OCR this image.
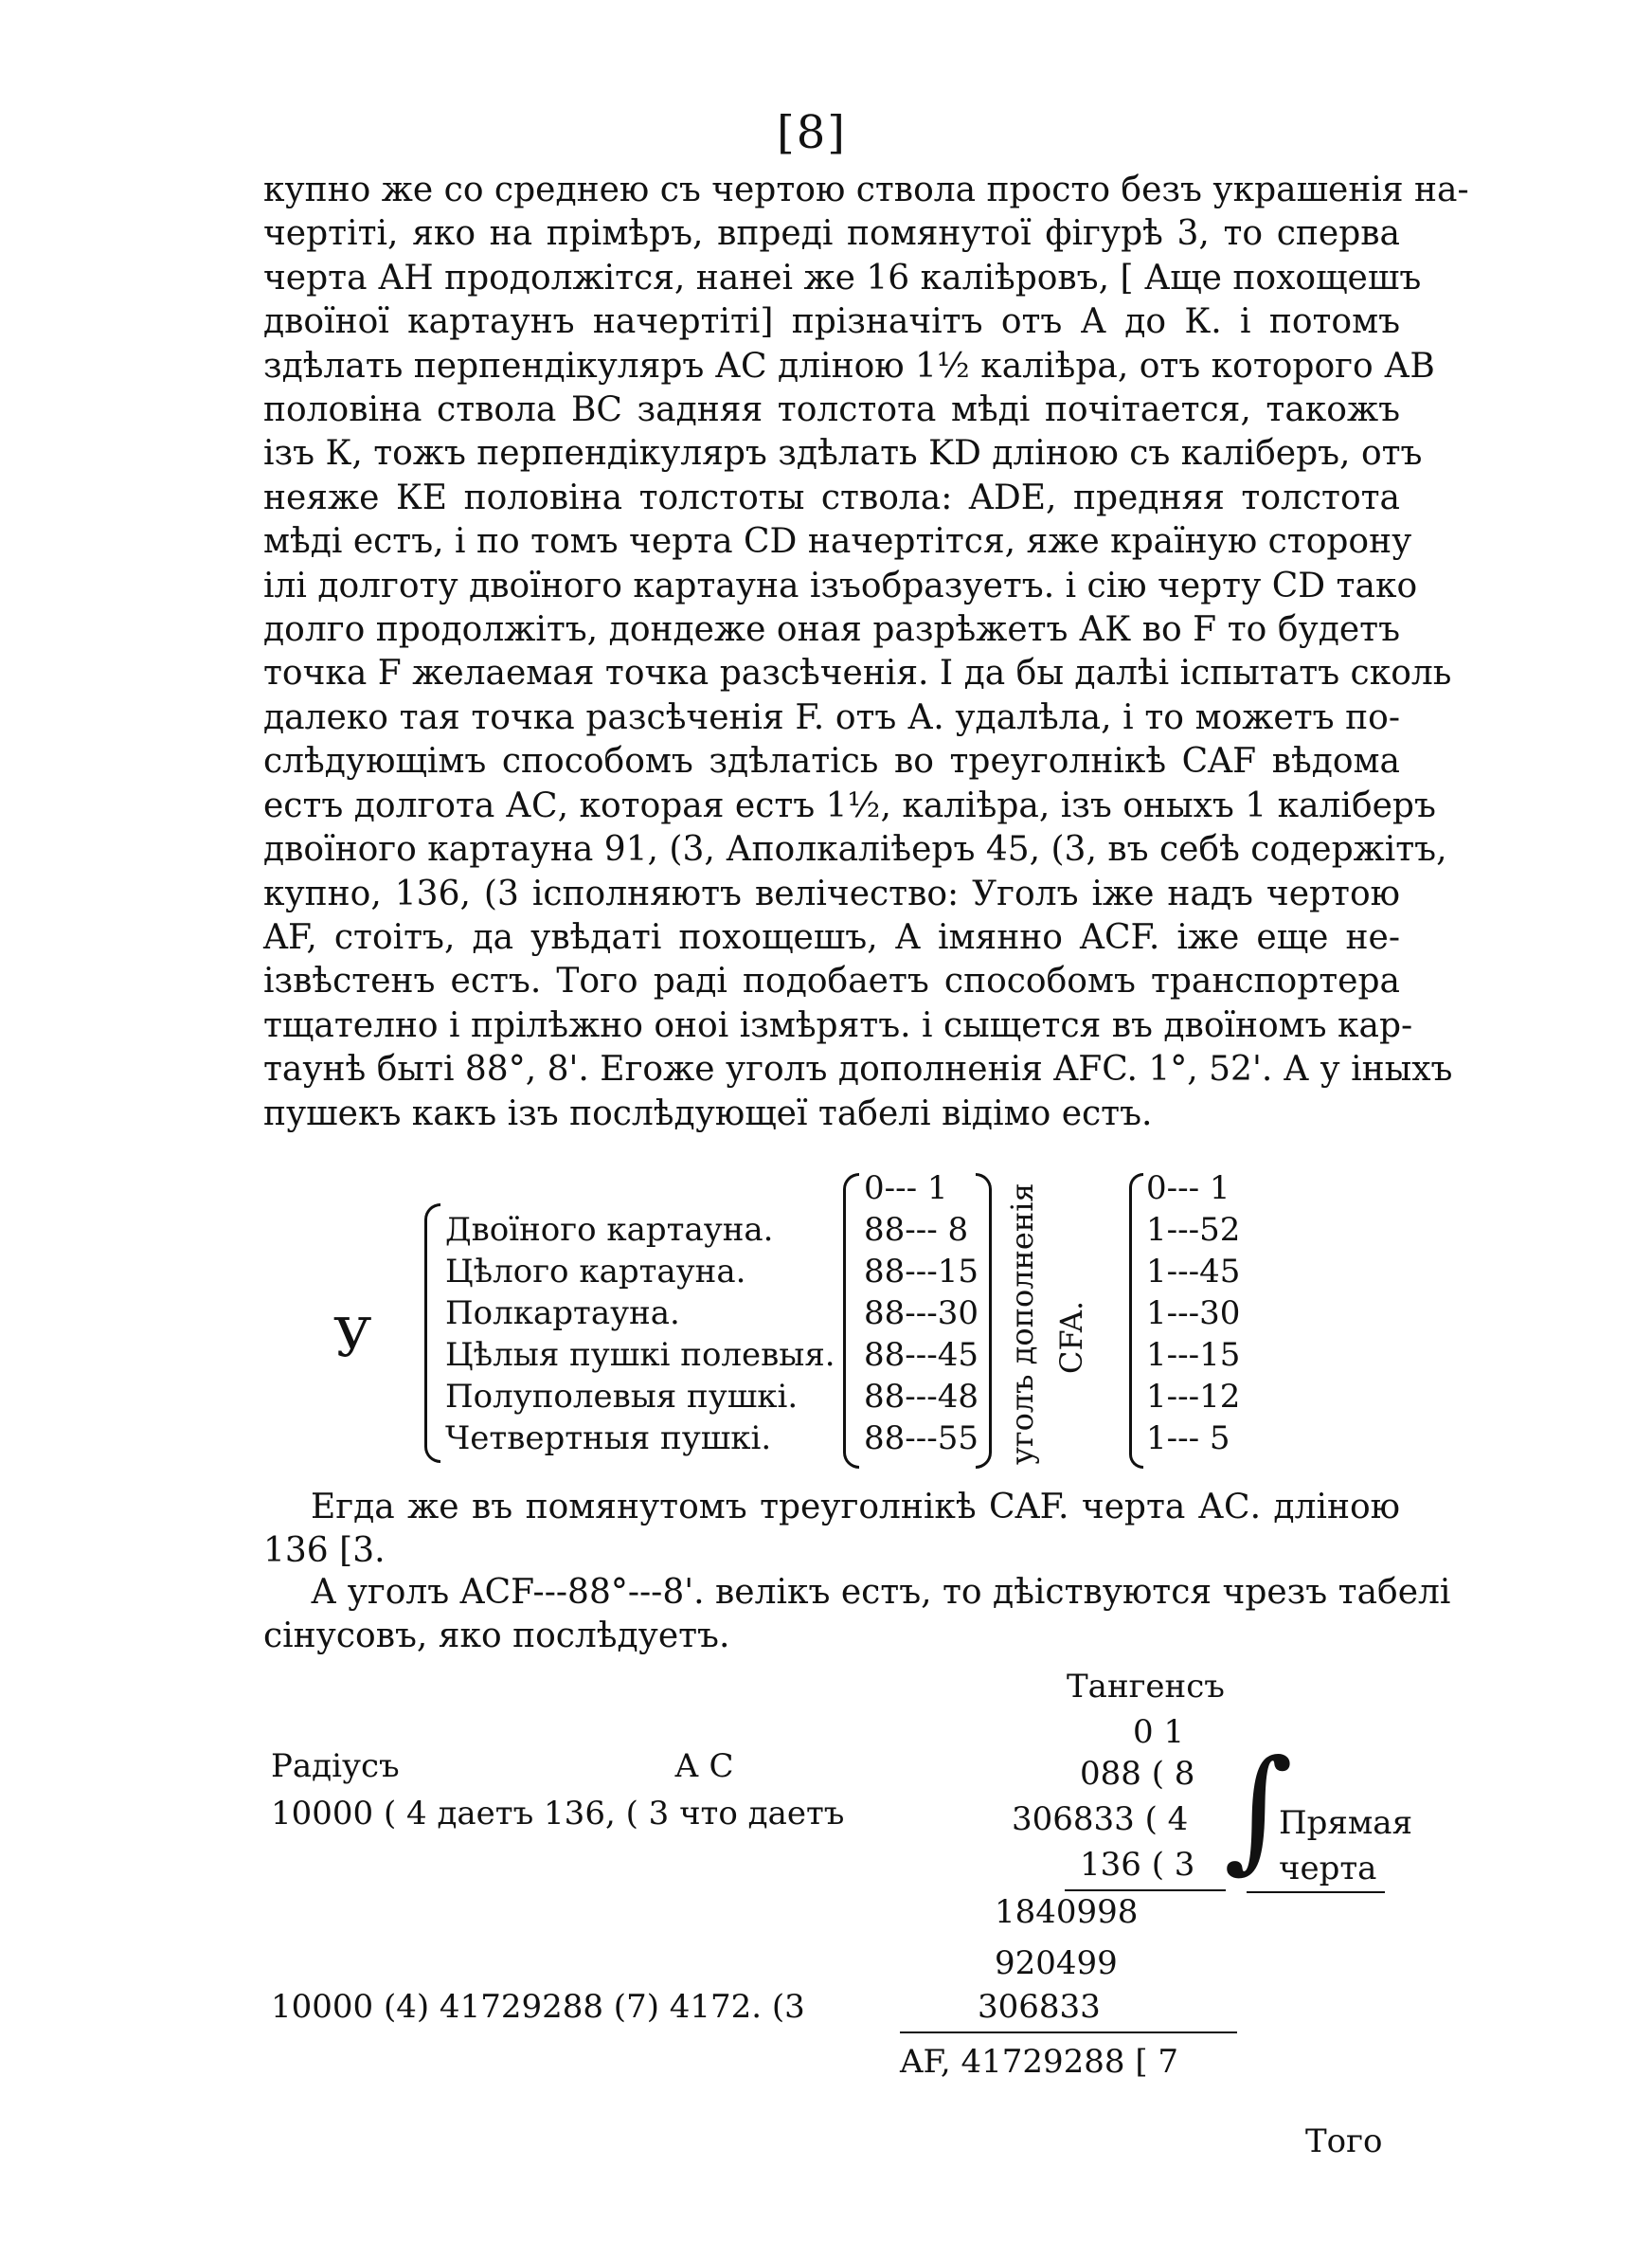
[8]
купно же со среднею съ чертою ствола просто безъ украшенія на-
чертіті, яко на прімѣръ, впреді помянутої фігурѣ 3, то сперва
черта АН продолжітся, нанеі же 16 каліѣровъ, [ Аще похощешъ
двоїної картаунъ начертіті] прізначітъ отъ А до К. і потомъ
здѣлать перпендікуляръ АС дліною 1½ каліѣра, отъ которого АВ
половіна ствола ВС задняя толстота мѣді почітается, такожъ
ізъ К, тожъ перпендікуляръ здѣлать KD дліною съ каліберъ, отъ
неяже КЕ половіна толстоты ствола: ADE, предняя толстота
мѣді естъ, і по томъ черта CD начертітся, яже країную сторону
ілі долготу двоїного картауна ізъобразуетъ. і сію черту CD тако
долго продолжітъ, дондеже оная разрѣжетъ АК во F то будетъ
точка F желаемая точка разсѣченія. І да бы далѣі іспытатъ сколь
далеко тая точка разсѣченія F. отъ А. удалѣла, і то можетъ по-
слѣдующімъ способомъ здѣлатісь во треуголнікѣ CAF вѣдома
естъ долгота АС, которая естъ 1½, каліѣра, ізъ оныхъ 1 каліберъ
двоїного картауна 91, (3, Аполкаліѣеръ 45, (3, въ себѣ содержітъ,
купно, 136, (3 ісполняютъ велічество: Уголъ іже надъ чертою
AF, стоітъ, да увѣдаті похощешъ, А імянно ACF. іже еще не-
ізвѣстенъ естъ. Того раді подобаетъ способомъ транспортера
тщателно і прілѣжно оноі ізмѣрятъ. і сыщется въ двоїномъ кар-
таунѣ быті 88°, 8'. Егоже уголъ дополненія AFC. 1°, 52'. А у іныхъ
пушекъ какъ ізъ послѣдующеї табелі відімо естъ.
У
0--- 1	0--- 1
Двоїного картауна.	88--- 8	1---52
Цѣлого картауна.	88---15	1---45
Полкартауна.	88---30	1---30
Цѣлыя пушкі полевыя. 88---45	1---15
Полуполевыя пушкі. 88---48	1---12
Четвертныя пушкі.	88---55	1--- 5
уголъ дополненія CFA.
Егда же въ помянутомъ треуголнікѣ CAF. черта АС. дліною
136 [3.
А уголъ ACF---88°---8'. велікъ естъ, то дѣіствуются чрезъ табелі
сінусовъ, яко послѣдуетъ.
Тангенсъ
0 1
Радіусъ	А С	088 ( 8
10000 ( 4 даетъ 136, ( 3 что даетъ	306833 ( 4
136 ( 3 ∫
Прямая
черта
1840998
920499
10000 (4) 41729288 (7) 4172. (3	306833
AF, 41729288 [ 7
Того
